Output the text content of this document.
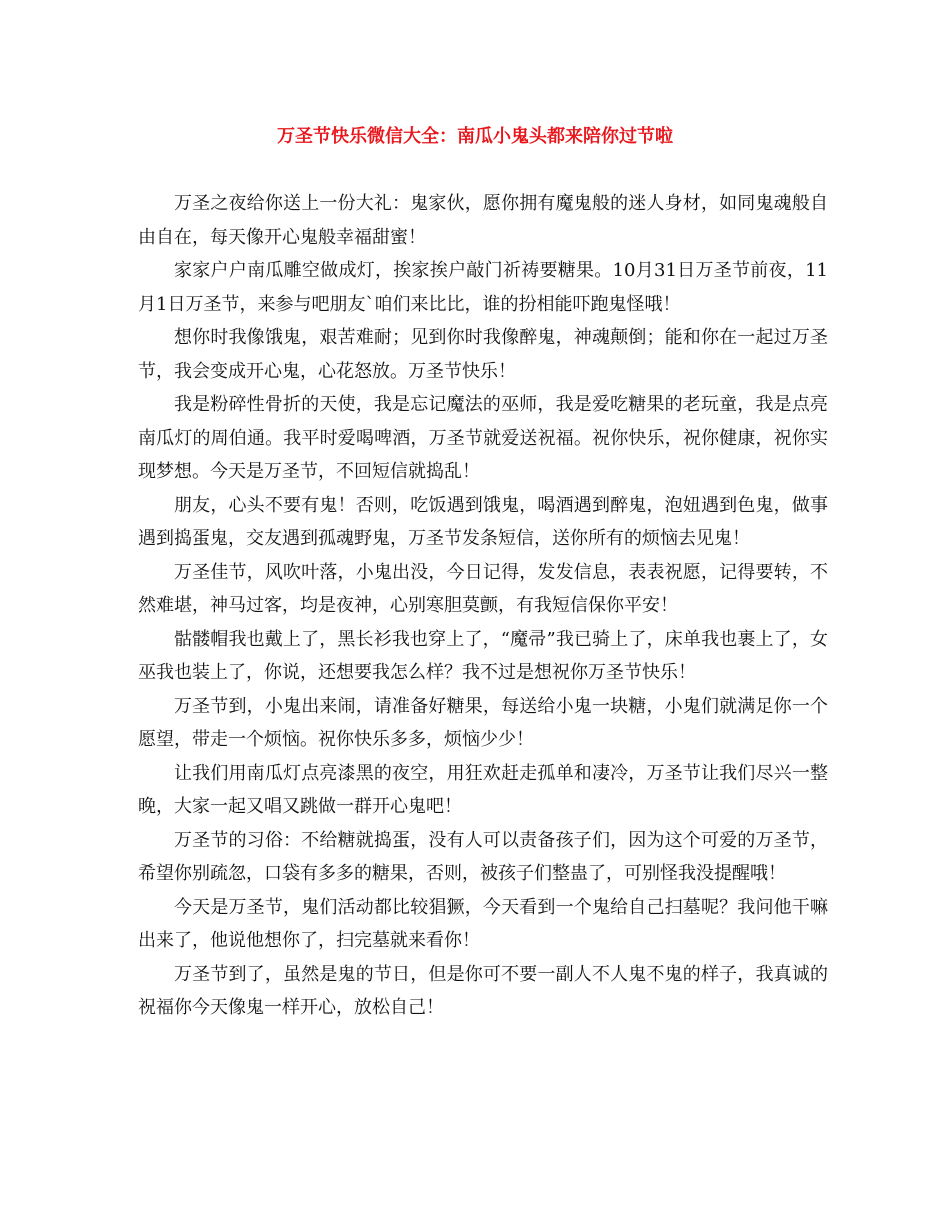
万圣节快乐微信大全：南瓜小鬼头都来陪你过节啦

万圣之夜给你送上一份大礼：鬼家伙，愿你拥有魔鬼般的迷人身材，如同鬼魂般自由自在，每天像开心鬼般幸福甜蜜！

家家户户南瓜雕空做成灯，挨家挨户敲门祈祷要糖果。10月31日万圣节前夜，11月1日万圣节，来参与吧朋友`咱们来比比，谁的扮相能吓跑鬼怪哦！

想你时我像饿鬼，艰苦难耐；见到你时我像醉鬼，神魂颠倒；能和你在一起过万圣节，我会变成开心鬼，心花怒放。万圣节快乐！

我是粉碎性骨折的天使，我是忘记魔法的巫师，我是爱吃糖果的老玩童，我是点亮南瓜灯的周伯通。我平时爱喝啤酒，万圣节就爱送祝福。祝你快乐，祝你健康，祝你实现梦想。今天是万圣节，不回短信就捣乱！

朋友，心头不要有鬼！否则，吃饭遇到饿鬼，喝酒遇到醉鬼，泡妞遇到色鬼，做事遇到捣蛋鬼，交友遇到孤魂野鬼，万圣节发条短信，送你所有的烦恼去见鬼！

万圣佳节，风吹叶落，小鬼出没，今日记得，发发信息，表表祝愿，记得要转，不然难堪，神马过客，均是夜神，心别寒胆莫颤，有我短信保你平安！

骷髅帽我也戴上了，黑长衫我也穿上了，“魔帚”我已骑上了，床单我也裹上了，女巫我也装上了，你说，还想要我怎么样？我不过是想祝你万圣节快乐！

万圣节到，小鬼出来闹，请准备好糖果，每送给小鬼一块糖，小鬼们就满足你一个愿望，带走一个烦恼。祝你快乐多多，烦恼少少！

让我们用南瓜灯点亮漆黑的夜空，用狂欢赶走孤单和凄冷，万圣节让我们尽兴一整晚，大家一起又唱又跳做一群开心鬼吧！

万圣节的习俗：不给糖就捣蛋，没有人可以责备孩子们，因为这个可爱的万圣节，希望你别疏忽，口袋有多多的糖果，否则，被孩子们整蛊了，可别怪我没提醒哦！

今天是万圣节，鬼们活动都比较猖獗，今天看到一个鬼给自己扫墓呢？我问他干嘛出来了，他说他想你了，扫完墓就来看你！

万圣节到了，虽然是鬼的节日，但是你可不要一副人不人鬼不鬼的样子，我真诚的祝福你今天像鬼一样开心，放松自己！
